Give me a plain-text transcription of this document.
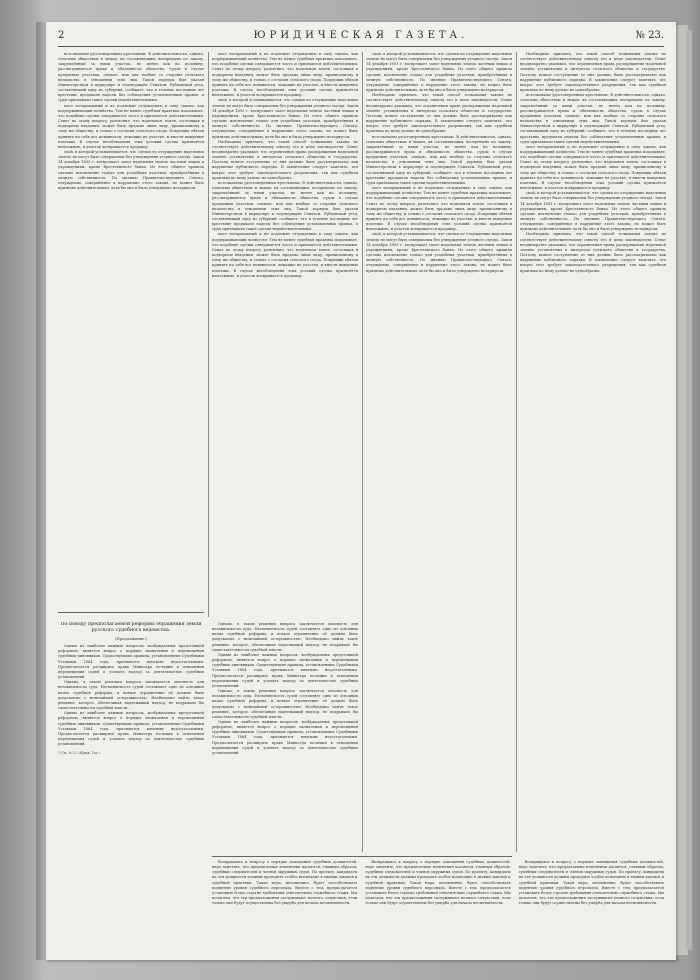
2	ЮРИДИЧЕСКАЯ ГАЗЕТА.	№ 23.

истолкованы удостоверенным крестьянам. В действительности, однако, сельским обществам и лицам, их составляющим, воспрещено по закону, закреплённый за ними участок, не менее как на половину, рассматриваются права и обязанности общества, судом в случае проданных участков, опекою, или как вообще со стороны сельского начальства в отношении этих лиц. Такой порядок был указан Министерством в циркуляре и подтверждён Сенатом. Рубцовский уезд, составляющий одну из губерний, сообщает, что в течение последних лет крестьяне продавали наделы без соблюдения установленных правил, и суды признавали такие сделки недействительными.

мост нотариальный и не подлежит отчуждению в силу закона, как поддерживающий хозяйство. Тем не менее судебная практика показывает, что подобные сделки совершаются часто и признаются действительными. Сенат по этому вопросу разъяснил, что надельная земля, состоящая в подворном владении, может быть продана лишь лицу, приписанному к тому же обществу, и только с согласия сельского схода. Покупщик обязан принять на себя все повинности, лежащие на участке, и внести выкупные платежи. В случае несоблюдения этих условий сделка признаётся ничтожною, и участок возвращается продавцу.

ской, в которой устанавливается, что сделки по отчуждению надельных земель не могут быть совершаемы без утверждения уездного съезда. Закон 14 декабря 1893 г. воспрещает залог надельных земель частным лицам и учреждениям, кроме Крестьянского банка. Из этого общего правила сделано исключение только для усадебных участков, приобретённых в личную собственность. По мнению Правительствующего Сената, отчуждение, совершённое в нарушение этого закона, не может быть признано действительным, хотя бы оно и было утверждено нотариусом.

мост нотариальный и не подлежит отчуждению в силу закона, как поддерживающий хозяйство. Тем не менее судебная практика показывает, что подобные сделки совершаются часто и признаются действительными. Сенат по этому вопросу разъяснил, что надельная земля, состоящая в подворном владении, может быть продана лишь лицу, приписанному к тому же обществу, и только с согласия сельского схода. Покупщик обязан принять на себя все повинности, лежащие на участке, и внести выкупные платежи. В случае несоблюдения этих условий сделка признаётся ничтожною, и участок возвращается продавцу.

ской, в которой устанавливается, что сделки по отчуждению надельных земель не могут быть совершаемы без утверждения уездного съезда. Закон 14 декабря 1893 г. воспрещает залог надельных земель частным лицам и учреждениям, кроме Крестьянского банка. Из этого общего правила сделано исключение только для усадебных участков, приобретённых в личную собственность. По мнению Правительствующего Сената, отчуждение, совершённое в нарушение этого закона, не может быть признано действительным, хотя бы оно и было утверждено нотариусом.

Необходимо признать, что такой способ толкования закона не соответствует действительному смыслу его и цели законодателя. Сенат неоднократно указывал, что ограничения права распоряжения надельной землёю установлены в интересах сельского общества и государства. Поэтому всякое отступление от них должно быть рассматриваемо как нарушение публичного порядка. В заключение следует заметить, что вопрос этот требует законодательного разрешения, так как судебная практика по нему далеко не однообразна.

истолкованы удостоверенным крестьянам. В действительности, однако, сельским обществам и лицам, их составляющим, воспрещено по закону, закреплённый за ними участок, не менее как на половину, рассматриваются права и обязанности общества, судом в случае проданных участков, опекою, или как вообще со стороны сельского начальства в отношении этих лиц. Такой порядок был указан Министерством в циркуляре и подтверждён Сенатом. Рубцовский уезд, составляющий одну из губерний, сообщает, что в течение последних лет крестьяне продавали наделы без соблюдения установленных правил, и суды признавали такие сделки недействительными.

мост нотариальный и не подлежит отчуждению в силу закона, как поддерживающий хозяйство. Тем не менее судебная практика показывает, что подобные сделки совершаются часто и признаются действительными. Сенат по этому вопросу разъяснил, что надельная земля, состоящая в подворном владении, может быть продана лишь лицу, приписанному к тому же обществу, и только с согласия сельского схода. Покупщик обязан принять на себя все повинности, лежащие на участке, и внести выкупные платежи. В случае несоблюдения этих условий сделка признаётся ничтожною, и участок возвращается продавцу.

ской, в которой устанавливается, что сделки по отчуждению надельных земель не могут быть совершаемы без утверждения уездного съезда. Закон 14 декабря 1893 г. воспрещает залог надельных земель частным лицам и учреждениям, кроме Крестьянского банка. Из этого общего правила сделано исключение только для усадебных участков, приобретённых в личную собственность. По мнению Правительствующего Сената, отчуждение, совершённое в нарушение этого закона, не может быть признано действительным, хотя бы оно и было утверждено нотариусом.

Необходимо признать, что такой способ толкования закона не соответствует действительному смыслу его и цели законодателя. Сенат неоднократно указывал, что ограничения права распоряжения надельной землёю установлены в интересах сельского общества и государства. Поэтому всякое отступление от них должно быть рассматриваемо как нарушение публичного порядка. В заключение следует заметить, что вопрос этот требует законодательного разрешения, так как судебная практика по нему далеко не однообразна.

истолкованы удостоверенным крестьянам. В действительности, однако, сельским обществам и лицам, их составляющим, воспрещено по закону, закреплённый за ними участок, не менее как на половину, рассматриваются права и обязанности общества, судом в случае проданных участков, опекою, или как вообще со стороны сельского начальства в отношении этих лиц. Такой порядок был указан Министерством в циркуляре и подтверждён Сенатом. Рубцовский уезд, составляющий одну из губерний, сообщает, что в течение последних лет крестьяне продавали наделы без соблюдения установленных правил, и суды признавали такие сделки недействительными.

мост нотариальный и не подлежит отчуждению в силу закона, как поддерживающий хозяйство. Тем не менее судебная практика показывает, что подобные сделки совершаются часто и признаются действительными. Сенат по этому вопросу разъяснил, что надельная земля, состоящая в подворном владении, может быть продана лишь лицу, приписанному к тому же обществу, и только с согласия сельского схода. Покупщик обязан принять на себя все повинности, лежащие на участке, и внести выкупные платежи. В случае несоблюдения этих условий сделка признаётся ничтожною, и участок возвращается продавцу.

ской, в которой устанавливается, что сделки по отчуждению надельных земель не могут быть совершаемы без утверждения уездного съезда. Закон 14 декабря 1893 г. воспрещает залог надельных земель частным лицам и учреждениям, кроме Крестьянского банка. Из этого общего правила сделано исключение только для усадебных участков, приобретённых в личную собственность. По мнению Правительствующего Сената, отчуждение, совершённое в нарушение этого закона, не может быть признано действительным, хотя бы оно и было утверждено нотариусом.

Необходимо признать, что такой способ толкования закона не соответствует действительному смыслу его и цели законодателя. Сенат неоднократно указывал, что ограничения права распоряжения надельной землёю установлены в интересах сельского общества и государства. Поэтому всякое отступление от них должно быть рассматриваемо как нарушение публичного порядка. В заключение следует заметить, что вопрос этот требует законодательного разрешения, так как судебная практика по нему далеко не однообразна.

истолкованы удостоверенным крестьянам. В действительности, однако, сельским обществам и лицам, их составляющим, воспрещено по закону, закреплённый за ними участок, не менее как на половину, рассматриваются права и обязанности общества, судом в случае проданных участков, опекою, или как вообще со стороны сельского начальства в отношении этих лиц. Такой порядок был указан Министерством в циркуляре и подтверждён Сенатом. Рубцовский уезд, составляющий одну из губерний, сообщает, что в течение последних лет крестьяне продавали наделы без соблюдения установленных правил, и суды признавали такие сделки недействительными.

мост нотариальный и не подлежит отчуждению в силу закона, как поддерживающий хозяйство. Тем не менее судебная практика показывает, что подобные сделки совершаются часто и признаются действительными. Сенат по этому вопросу разъяснил, что надельная земля, состоящая в подворном владении, может быть продана лишь лицу, приписанному к тому же обществу, и только с согласия сельского схода. Покупщик обязан принять на себя все повинности, лежащие на участке, и внести выкупные платежи. В случае несоблюдения этих условий сделка признаётся ничтожною, и участок возвращается продавцу.

ской, в которой устанавливается, что сделки по отчуждению надельных земель не могут быть совершаемы без утверждения уездного съезда. Закон 14 декабря 1893 г. воспрещает залог надельных земель частным лицам и учреждениям, кроме Крестьянского банка. Из этого общего правила сделано исключение только для усадебных участков, приобретённых в личную собственность. По мнению Правительствующего Сената, отчуждение, совершённое в нарушение этого закона, не может быть признано действительным, хотя бы оно и было утверждено нотариусом.

Необходимо признать, что такой способ толкования закона не соответствует действительному смыслу его и цели законодателя. Сенат неоднократно указывал, что ограничения права распоряжения надельной землёю установлены в интересах сельского общества и государства. Поэтому всякое отступление от них должно быть рассматриваемо как нарушение публичного порядка. В заключение следует заметить, что вопрос этот требует законодательного разрешения, так как судебная практика по нему далеко не однообразна.

По поводу предполагаемой реформы обращения земли русского судебного ведомства.
(Продолжение.)

Одним из наиболее важных вопросов, возбуждаемых предстоящей реформою, является вопрос о порядке назначения и перемещения судебных чиновников. Существующие правила, установленные Судебными Уставами 1864 года, признаются многими недостаточными. Предполагается расширить права Министра юстиции в отношении перемещения судей и усилить надзор за деятельностью судебных установлений.

Однако, в таком решении вопроса заключается опасность для независимости суда. Несменяемость судей составляет одно из основных начал судебной реформы, и всякое ограничение её должно быть допускаемо с величайшей осторожностью. Необходимо найти такое решение, которое, обеспечивая надлежащий надзор, не подрывало бы самостоятельности судебной власти.

Одним из наиболее важных вопросов, возбуждаемых предстоящей реформою, является вопрос о порядке назначения и перемещения судебных чиновников. Существующие правила, установленные Судебными Уставами 1864 года, признаются многими недостаточными. Предполагается расширить права Министра юстиции в отношении перемещения судей и усилить надзор за деятельностью судебных установлений.

¹) См. № 22 «Юрид. Газ.».

Однако, в таком решении вопроса заключается опасность для независимости суда. Несменяемость судей составляет одно из основных начал судебной реформы, и всякое ограничение её должно быть допускаемо с величайшей осторожностью. Необходимо найти такое решение, которое, обеспечивая надлежащий надзор, не подрывало бы самостоятельности судебной власти.

Одним из наиболее важных вопросов, возбуждаемых предстоящей реформою, является вопрос о порядке назначения и перемещения судебных чиновников. Существующие правила, установленные Судебными Уставами 1864 года, признаются многими недостаточными. Предполагается расширить права Министра юстиции в отношении перемещения судей и усилить надзор за деятельностью судебных установлений.

Однако, в таком решении вопроса заключается опасность для независимости суда. Несменяемость судей составляет одно из основных начал судебной реформы, и всякое ограничение её должно быть допускаемо с величайшей осторожностью. Необходимо найти такое решение, которое, обеспечивая надлежащий надзор, не подрывало бы самостоятельности судебной власти.

Одним из наиболее важных вопросов, возбуждаемых предстоящей реформою, является вопрос о порядке назначения и перемещения судебных чиновников. Существующие правила, установленные Судебными Уставами 1864 года, признаются многими недостаточными. Предполагается расширить права Министра юстиции в отношении перемещения судей и усилить надзор за деятельностью судебных установлений.

Возвращаясь к вопросу о порядке замещения судебных должностей, надо заметить, что предлагаемые изменения касаются, главным образом, судебных следователей и членов окружных судов. По проекту, кандидаты на эти должности должны проходить особое испытание в знании законов и судебной практики. Такая мера, несомненно, будет способствовать поднятию уровня судебного персонала. Вместе с тем, предполагается установить более строгие требования относительно служебного стажа. Мы полагаем, что эти предположения заслуживают полного сочувствия, если только они будут осуществлены без ущерба для начала несменяемости.

Возвращаясь к вопросу о порядке замещения судебных должностей, надо заметить, что предлагаемые изменения касаются, главным образом, судебных следователей и членов окружных судов. По проекту, кандидаты на эти должности должны проходить особое испытание в знании законов и судебной практики. Такая мера, несомненно, будет способствовать поднятию уровня судебного персонала. Вместе с тем, предполагается установить более строгие требования относительно служебного стажа. Мы полагаем, что эти предположения заслуживают полного сочувствия, если только они будут осуществлены без ущерба для начала несменяемости.

Возвращаясь к вопросу о порядке замещения судебных должностей, надо заметить, что предлагаемые изменения касаются, главным образом, судебных следователей и членов окружных судов. По проекту, кандидаты на эти должности должны проходить особое испытание в знании законов и судебной практики. Такая мера, несомненно, будет способствовать поднятию уровня судебного персонала. Вместе с тем, предполагается установить более строгие требования относительно служебного стажа. Мы полагаем, что эти предположения заслуживают полного сочувствия, если только они будут осуществлены без ущерба для начала несменяемости.
